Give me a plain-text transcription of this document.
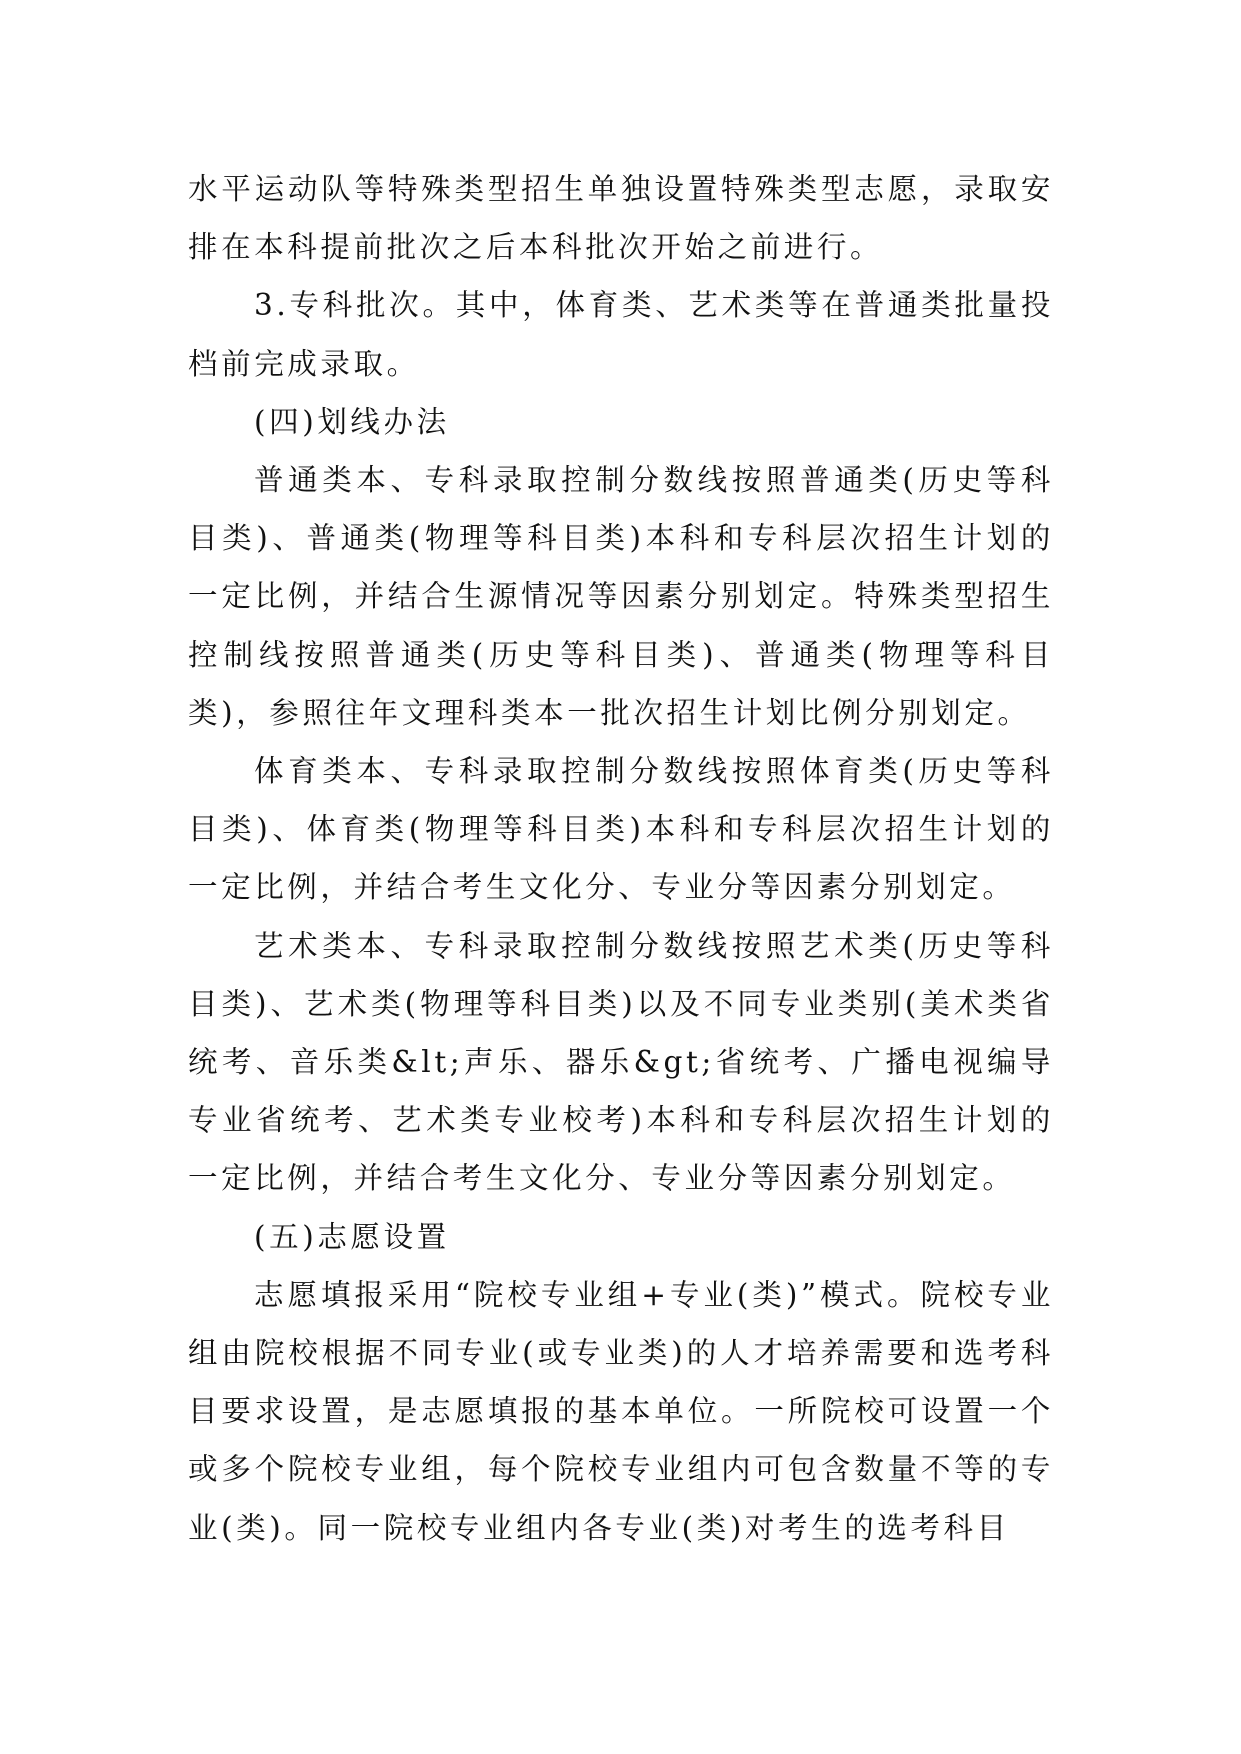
水平运动队等特殊类型招生单独设置特殊类型志愿，录取安排在本科提前批次之后本科批次开始之前进行。

3.专科批次。其中，体育类、艺术类等在普通类批量投档前完成录取。

(四)划线办法

普通类本、专科录取控制分数线按照普通类(历史等科目类)、普通类(物理等科目类)本科和专科层次招生计划的一定比例，并结合生源情况等因素分别划定。特殊类型招生控制线按照普通类(历史等科目类)、普通类(物理等科目类)，参照往年文理科类本一批次招生计划比例分别划定。

体育类本、专科录取控制分数线按照体育类(历史等科目类)、体育类(物理等科目类)本科和专科层次招生计划的一定比例，并结合考生文化分、专业分等因素分别划定。

艺术类本、专科录取控制分数线按照艺术类(历史等科目类)、艺术类(物理等科目类)以及不同专业类别(美术类省统考、音乐类&lt;声乐、器乐&gt;省统考、广播电视编导专业省统考、艺术类专业校考)本科和专科层次招生计划的一定比例，并结合考生文化分、专业分等因素分别划定。

(五)志愿设置

志愿填报采用“院校专业组+专业(类)”模式。院校专业组由院校根据不同专业(或专业类)的人才培养需要和选考科目要求设置，是志愿填报的基本单位。一所院校可设置一个或多个院校专业组，每个院校专业组内可包含数量不等的专业(类)。同一院校专业组内各专业(类)对考生的选考科目
